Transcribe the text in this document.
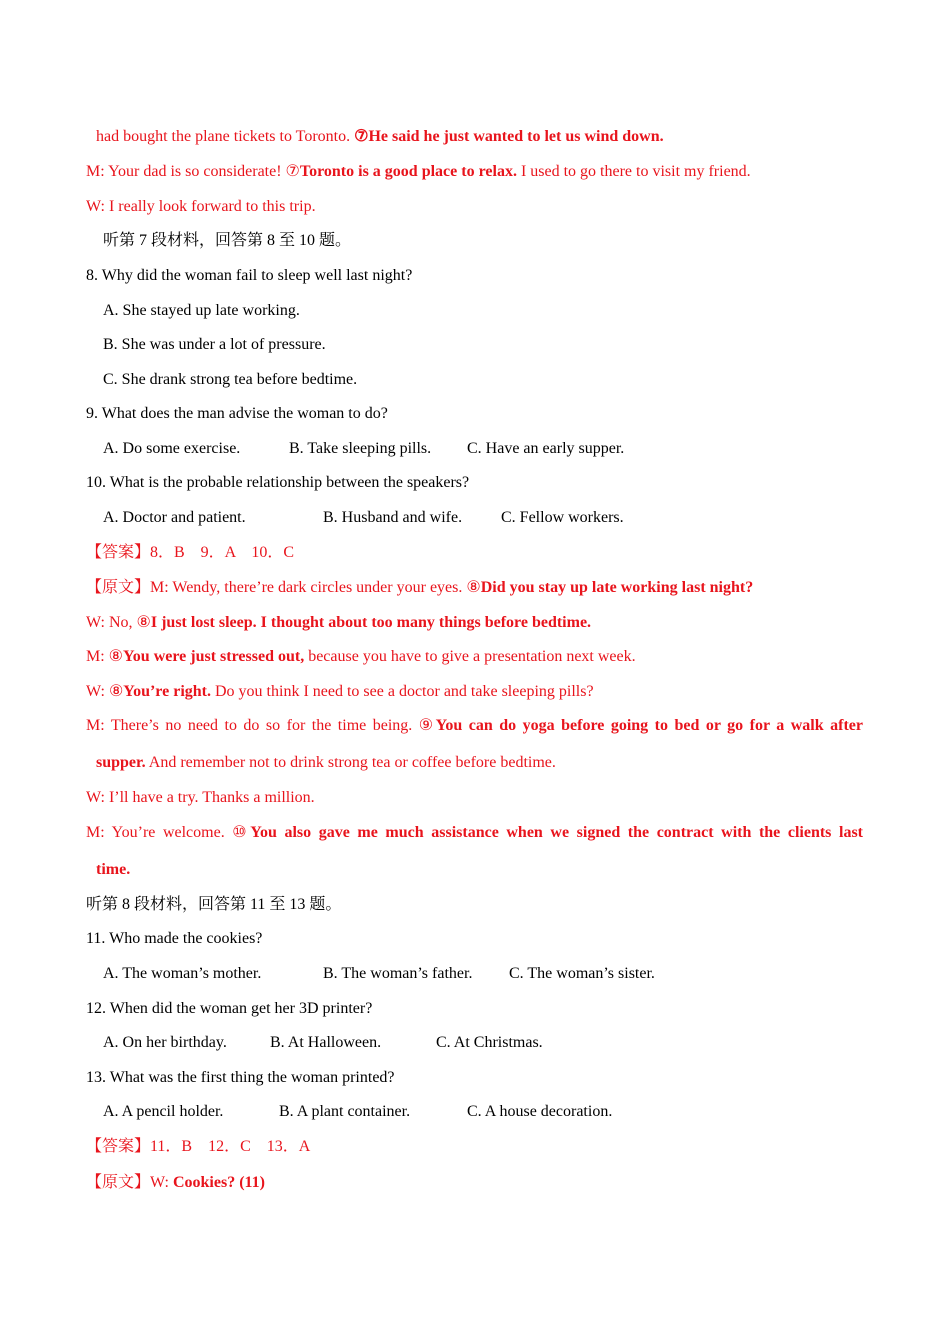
had bought the plane tickets to Toronto. ⑦He said he just wanted to let us wind down.
M: Your dad is so considerate! ⑦Toronto is a good place to relax. I used to go there to visit my friend.
W: I really look forward to this trip.
听第 7 段材料，回答第 8 至 10 题。
8. Why did the woman fail to sleep well last night?
A. She stayed up late working.
B. She was under a lot of pressure.
C. She drank strong tea before bedtime.
9. What does the man advise the woman to do?
A. Do some exercise.	B. Take sleeping pills. C. Have an early supper.
10. What is the probable relationship between the speakers?
A. Doctor and patient.	B. Husband and wife. C. Fellow workers.
【答案】8．B　9．A　10．C
【原文】M: Wendy, there’re dark circles under your eyes. ⑧Did you stay up late working last night?
W: No, ⑧I just lost sleep. I thought about too many things before bedtime.
M: ⑧You were just stressed out, because you have to give a presentation next week.
W: ⑧You’re right. Do you think I need to see a doctor and take sleeping pills?
M: There’s no need to do so for the time being. ⑨You can do yoga before going to bed or go for a walk after
supper. And remember not to drink strong tea or coffee before bedtime.
W: I’ll have a try. Thanks a million.
M: You’re welcome. ⑩You also gave me much assistance when we signed the contract with the clients last
time.
听第 8 段材料，回答第 11 至 13 题。
11. Who made the cookies?
A. The woman’s mother.	B. The woman’s father. C. The woman’s sister.
12. When did the woman get her 3D printer?
A. On her birthday.	B. At Halloween.	C. At Christmas.
13. What was the first thing the woman printed?
A. A pencil holder.	B. A plant container.	C. A house decoration.
【答案】11．B　12．C　13．A
【原文】W: Cookies? (11)
